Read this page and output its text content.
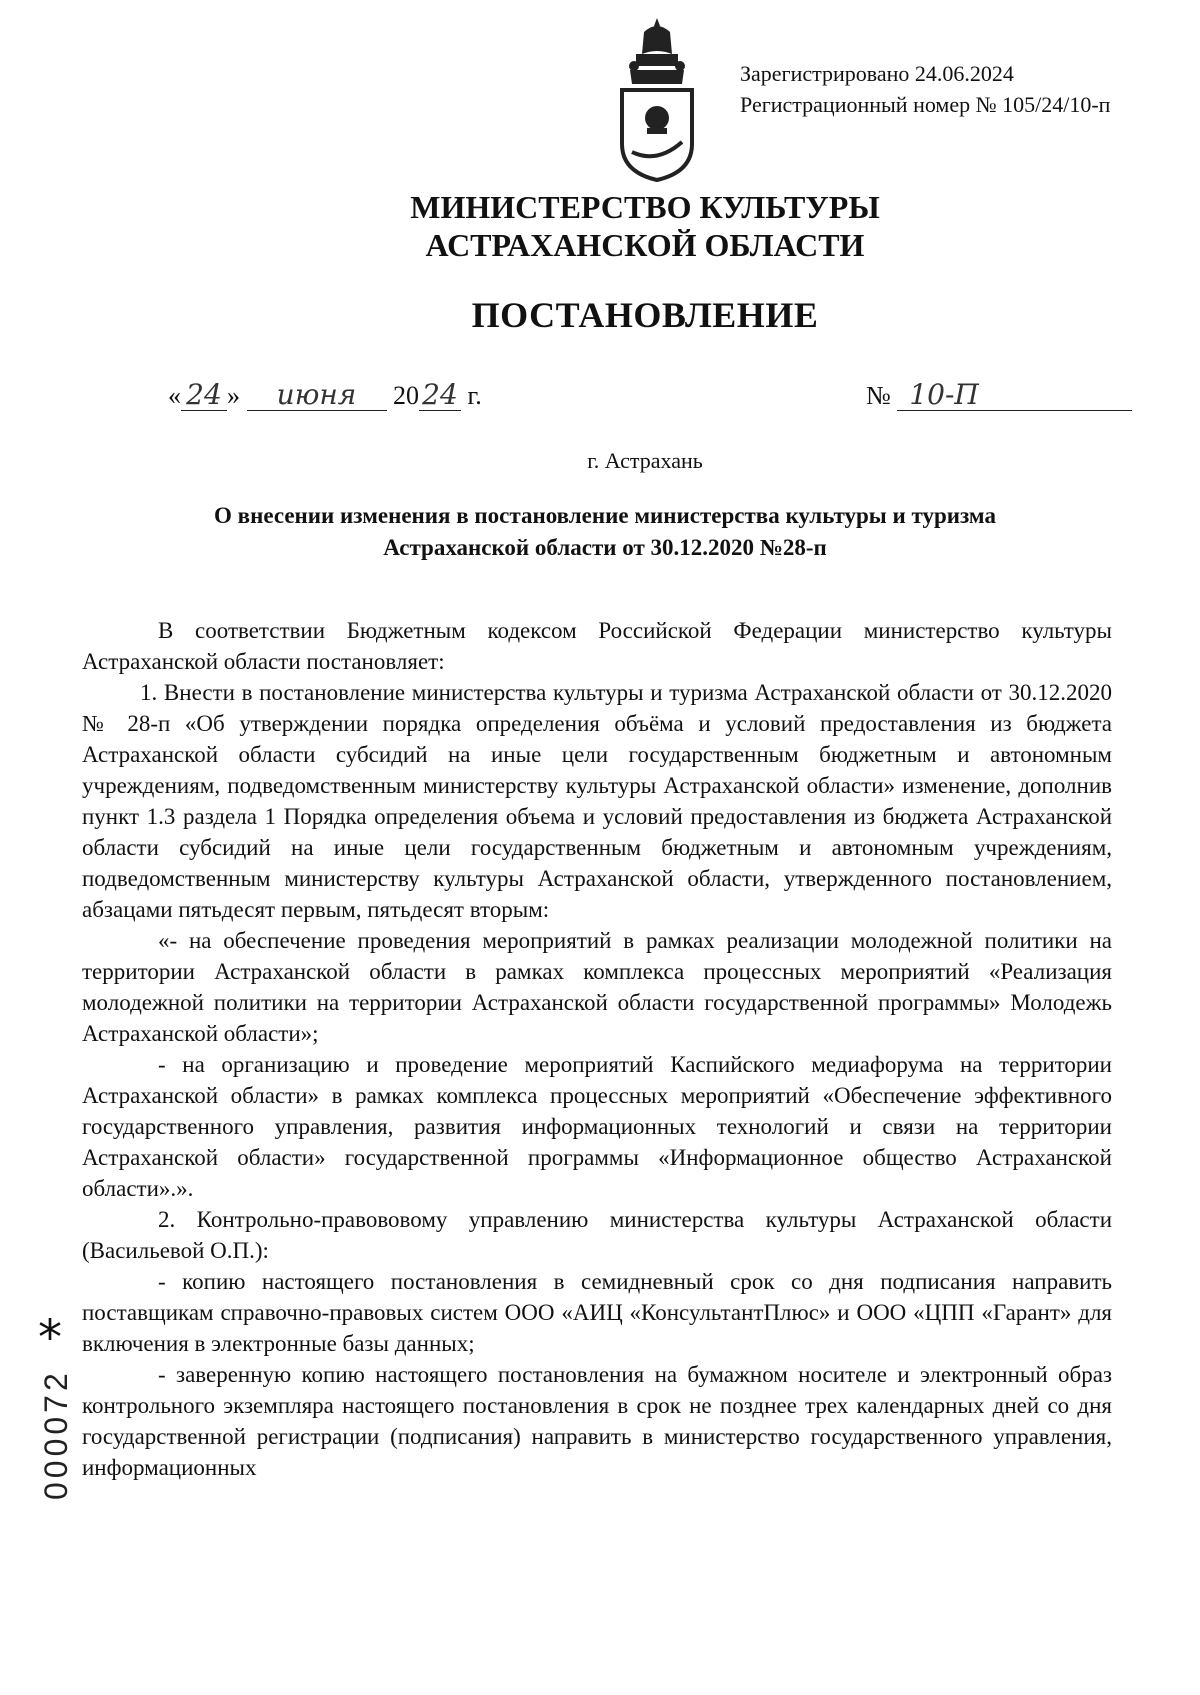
Зарегистрировано 24.06.2024
Регистрационный номер № 105/24/10-п
МИНИСТЕРСТВО КУЛЬТУРЫ
АСТРАХАНСКОЙ ОБЛАСТИ
ПОСТАНОВЛЕНИЕ
« 24 » июня 20 24 г.	№ 10-П
г. Астрахань
О внесении изменения в постановление министерства культуры и туризма
Астраханской области от 30.12.2020 №28-п

В соответствии Бюджетным кодексом Российской Федерации министерство культуры Астраханской области постановляет:

1. Внести в постановление министерства культуры и туризма Астраханской области от 30.12.2020 № 28-п «Об утверждении порядка определения объёма и условий предоставления из бюджета Астраханской области субсидий на иные цели государственным бюджетным и автономным учреждениям, подведомственным министерству культуры Астраханской области» изменение, дополнив пункт 1.3 раздела 1 Порядка определения объема и условий предоставления из бюджета Астраханской области субсидий на иные цели государственным бюджетным и автономным учреждениям, подведомственным министерству культуры Астраханской области, утвержденного постановлением, абзацами пятьдесят первым, пятьдесят вторым:

«- на обеспечение проведения мероприятий в рамках реализации молодежной политики на территории Астраханской области в рамках комплекса процессных мероприятий «Реализация молодежной политики на территории Астраханской области государственной программы» Молодежь Астраханской области»;

- на организацию и проведение мероприятий Каспийского медиафорума на территории Астраханской области» в рамках комплекса процессных мероприятий «Обеспечение эффективного государственного управления, развития информационных технологий и связи на территории Астраханской области» государственной программы «Информационное общество Астраханской области».».

2. Контрольно-правововому управлению министерства культуры Астраханской области (Васильевой О.П.):

- копию настоящего постановления в семидневный срок со дня подписания направить поставщикам справочно-правовых систем ООО «АИЦ «КонсультантПлюс» и ООО «ЦПП «Гарант» для включения в электронные базы данных;

- заверенную копию настоящего постановления на бумажном носителе и электронный образ контрольного экземпляра настоящего постановления в срок не позднее трех календарных дней со дня государственной регистрации (подписания) направить в министерство государственного управления, информационных

*
000072
